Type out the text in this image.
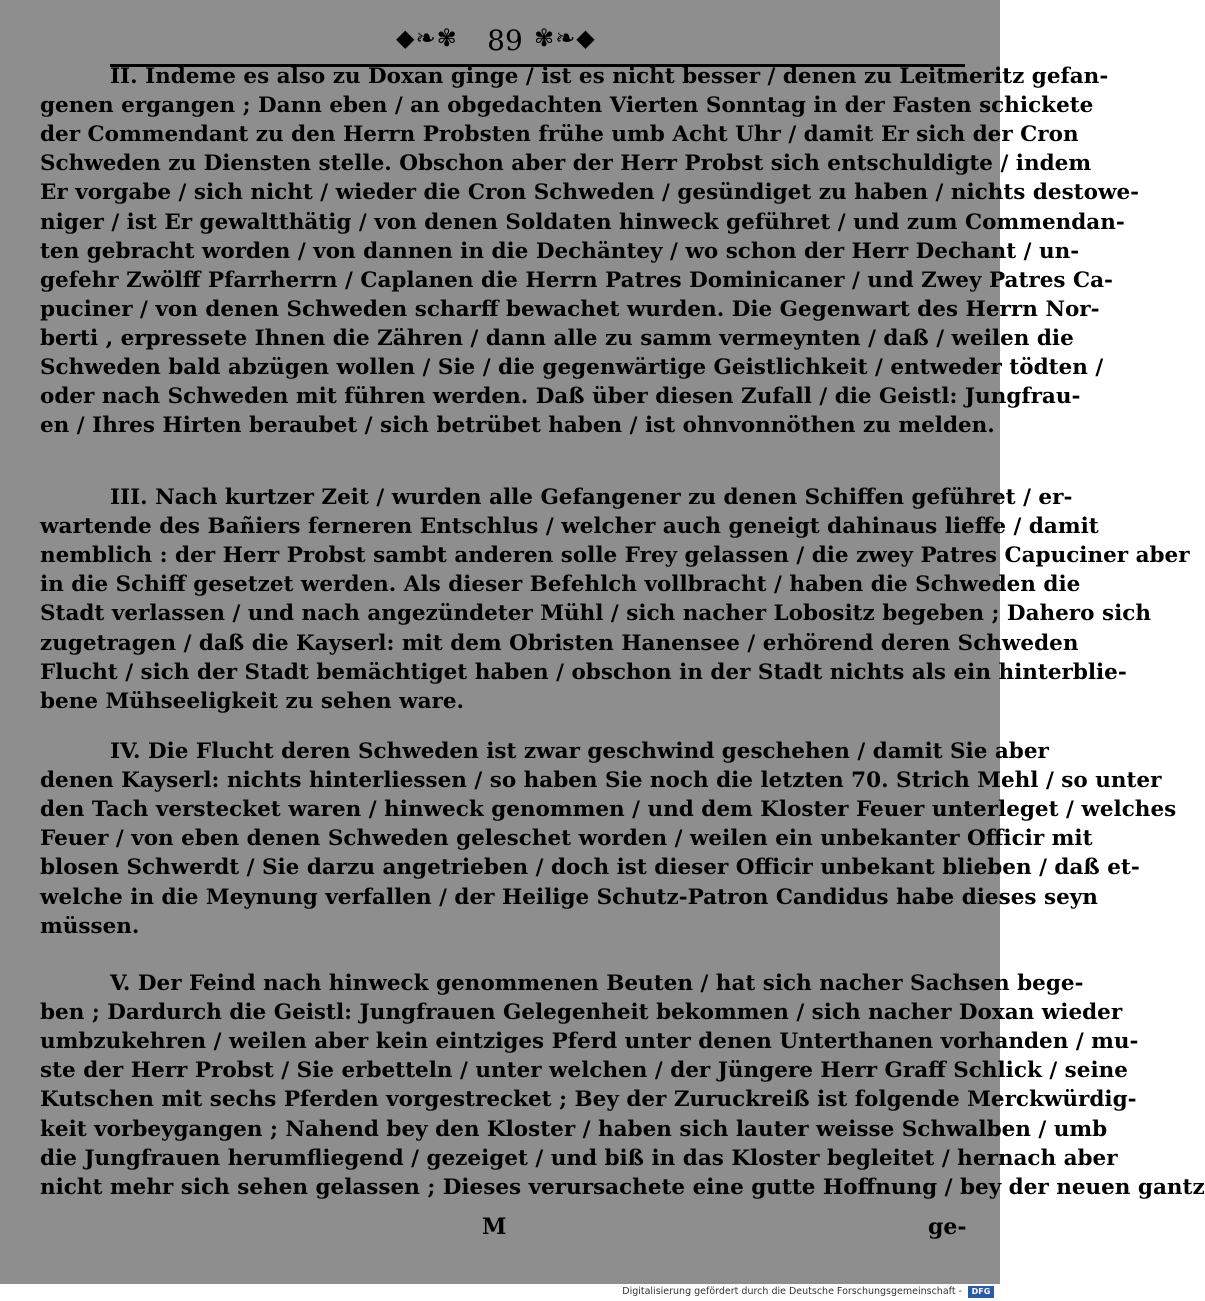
◆❧✾ 89 ✾❧◆
II. Indeme es also zu Doxan ginge / ist es nicht besser / denen zu Leitmeritz gefan-
genen ergangen ; Dann eben / an obgedachten Vierten Sonntag in der Fasten schickete
der Commendant zu den Herrn Probsten frühe umb Acht Uhr / damit Er sich der Cron
Schweden zu Diensten stelle. Obschon aber der Herr Probst sich entschuldigte / indem
Er vorgabe / sich nicht / wieder die Cron Schweden / gesündiget zu haben / nichts destowe-
niger / ist Er gewaltthätig / von denen Soldaten hinweck geführet / und zum Commendan-
ten gebracht worden / von dannen in die Dechäntey / wo schon der Herr Dechant / un-
gefehr Zwölff Pfarrherrn / Caplanen die Herrn Patres Dominicaner / und Zwey Patres Ca-
puciner / von denen Schweden scharff bewachet wurden. Die Gegenwart des Herrn Nor-
berti , erpressete Ihnen die Zähren / dann alle zu samm vermeynten / daß / weilen die
Schweden bald abzügen wollen / Sie / die gegenwärtige Geistlichkeit / entweder tödten /
oder nach Schweden mit führen werden. Daß über diesen Zufall / die Geistl: Jungfrau-
en / Ihres Hirten beraubet / sich betrübet haben / ist ohnvonnöthen zu melden.
III. Nach kurtzer Zeit / wurden alle Gefangener zu denen Schiffen geführet / er-
wartende des Bañiers ferneren Entschlus / welcher auch geneigt dahinaus lieffe / damit
nemblich : der Herr Probst sambt anderen solle Frey gelassen / die zwey Patres Capuciner aber
in die Schiff gesetzet werden. Als dieser Befehlch vollbracht / haben die Schweden die
Stadt verlassen / und nach angezündeter Mühl / sich nacher Lobositz begeben ; Dahero sich
zugetragen / daß die Kayserl: mit dem Obristen Hanensee / erhörend deren Schweden
Flucht / sich der Stadt bemächtiget haben / obschon in der Stadt nichts als ein hinterblie-
bene Mühseeligkeit zu sehen ware.
IV. Die Flucht deren Schweden ist zwar geschwind geschehen / damit Sie aber
denen Kayserl: nichts hinterliessen / so haben Sie noch die letzten 70. Strich Mehl / so unter
den Tach verstecket waren / hinweck genommen / und dem Kloster Feuer unterleget / welches
Feuer / von eben denen Schweden geleschet worden / weilen ein unbekanter Officir mit
blosen Schwerdt / Sie darzu angetrieben / doch ist dieser Officir unbekant blieben / daß et-
welche in die Meynung verfallen / der Heilige Schutz-Patron Candidus habe dieses seyn
müssen.
V. Der Feind nach hinweck genommenen Beuten / hat sich nacher Sachsen bege-
ben ; Dardurch die Geistl: Jungfrauen Gelegenheit bekommen / sich nacher Doxan wieder
umbzukehren / weilen aber kein eintziges Pferd unter denen Unterthanen vorhanden / mu-
ste der Herr Probst / Sie erbetteln / unter welchen / der Jüngere Herr Graff Schlick / seine
Kutschen mit sechs Pferden vorgestrecket ; Bey der Zuruckreiß ist folgende Merckwürdig-
keit vorbeygangen ; Nahend bey den Kloster / haben sich lauter weisse Schwalben / umb
die Jungfrauen herumfliegend / gezeiget / und biß in das Kloster begleitet / hernach aber
nicht mehr sich sehen gelassen ; Dieses verursachete eine gutte Hoffnung / bey der neuen gantz
M	ge-
Digitalisierung gefördert durch die Deutsche Forschungsgemeinschaft -	DFG
